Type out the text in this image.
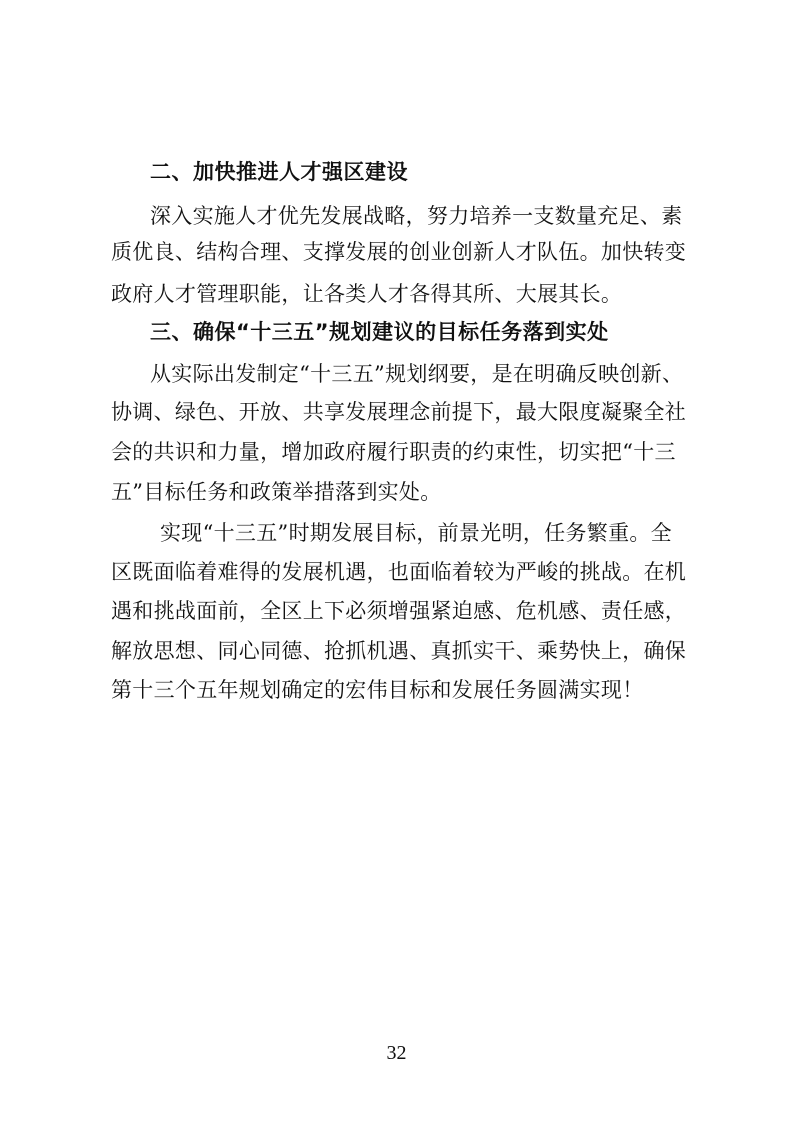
二、加快推进人才强区建设
深入实施人才优先发展战略，努力培养一支数量充足、素
质优良、结构合理、支撑发展的创业创新人才队伍。加快转变
政府人才管理职能，让各类人才各得其所、大展其长。
三、确保“十三五”规划建议的目标任务落到实处
从实际出发制定“十三五”规划纲要，是在明确反映创新、
协调、绿色、开放、共享发展理念前提下，最大限度凝聚全社
会的共识和力量，增加政府履行职责的约束性，切实把“十三
五”目标任务和政策举措落到实处。
实现“十三五”时期发展目标，前景光明，任务繁重。全
区既面临着难得的发展机遇，也面临着较为严峻的挑战。在机
遇和挑战面前，全区上下必须增强紧迫感、危机感、责任感，
解放思想、同心同德、抢抓机遇、真抓实干、乘势快上，确保
第十三个五年规划确定的宏伟目标和发展任务圆满实现！
32
